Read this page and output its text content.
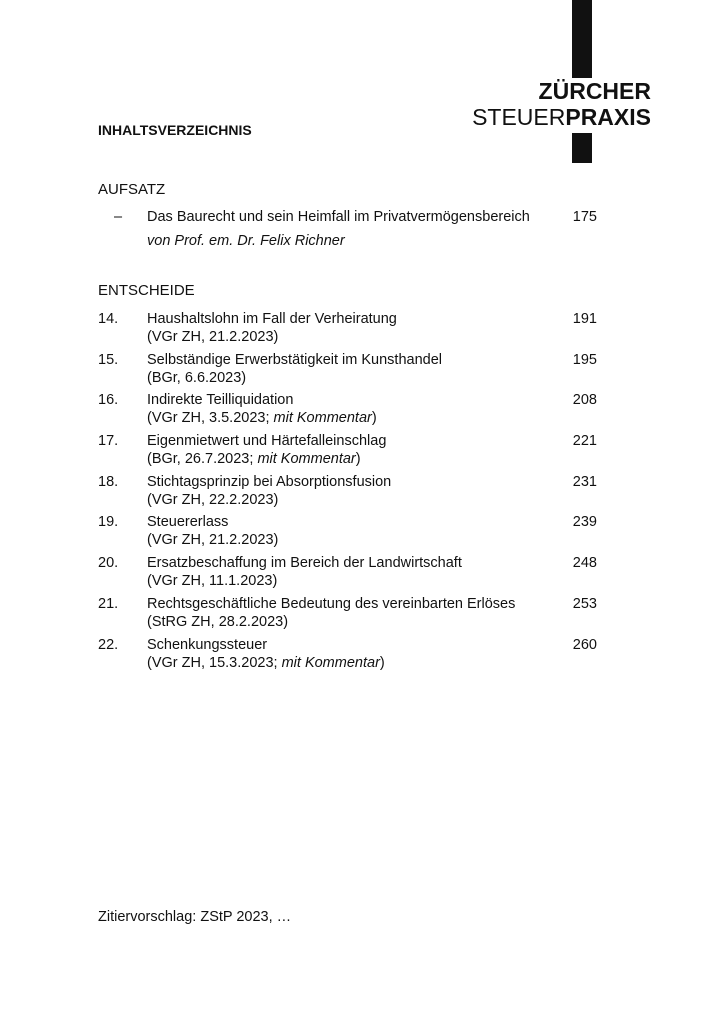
ZÜRCHER
STEUERPRAXIS
INHALTSVERZEICHNIS
AUFSATZ
– Das Baurecht und sein Heimfall im Privatvermögensbereich	175
von Prof. em. Dr. Felix Richner
ENTSCHEIDE
14. Haushaltslohn im Fall der Verheiratung	191
(VGr ZH, 21.2.2023)
15. Selbständige Erwerbstätigkeit im Kunsthandel	195
(BGr, 6.6.2023)
16. Indirekte Teilliquidation	208
(VGr ZH, 3.5.2023; mit Kommentar)
17. Eigenmietwert und Härtefalleinschlag	221
(BGr, 26.7.2023; mit Kommentar)
18. Stichtagsprinzip bei Absorptionsfusion	231
(VGr ZH, 22.2.2023)
19. Steuererlass	239
(VGr ZH, 21.2.2023)
20. Ersatzbeschaffung im Bereich der Landwirtschaft	248
(VGr ZH, 11.1.2023)
21. Rechtsgeschäftliche Bedeutung des vereinbarten Erlöses	253
(StRG ZH, 28.2.2023)
22. Schenkungssteuer	260
(VGr ZH, 15.3.2023; mit Kommentar)
Zitiervorschlag: ZStP 2023, …
